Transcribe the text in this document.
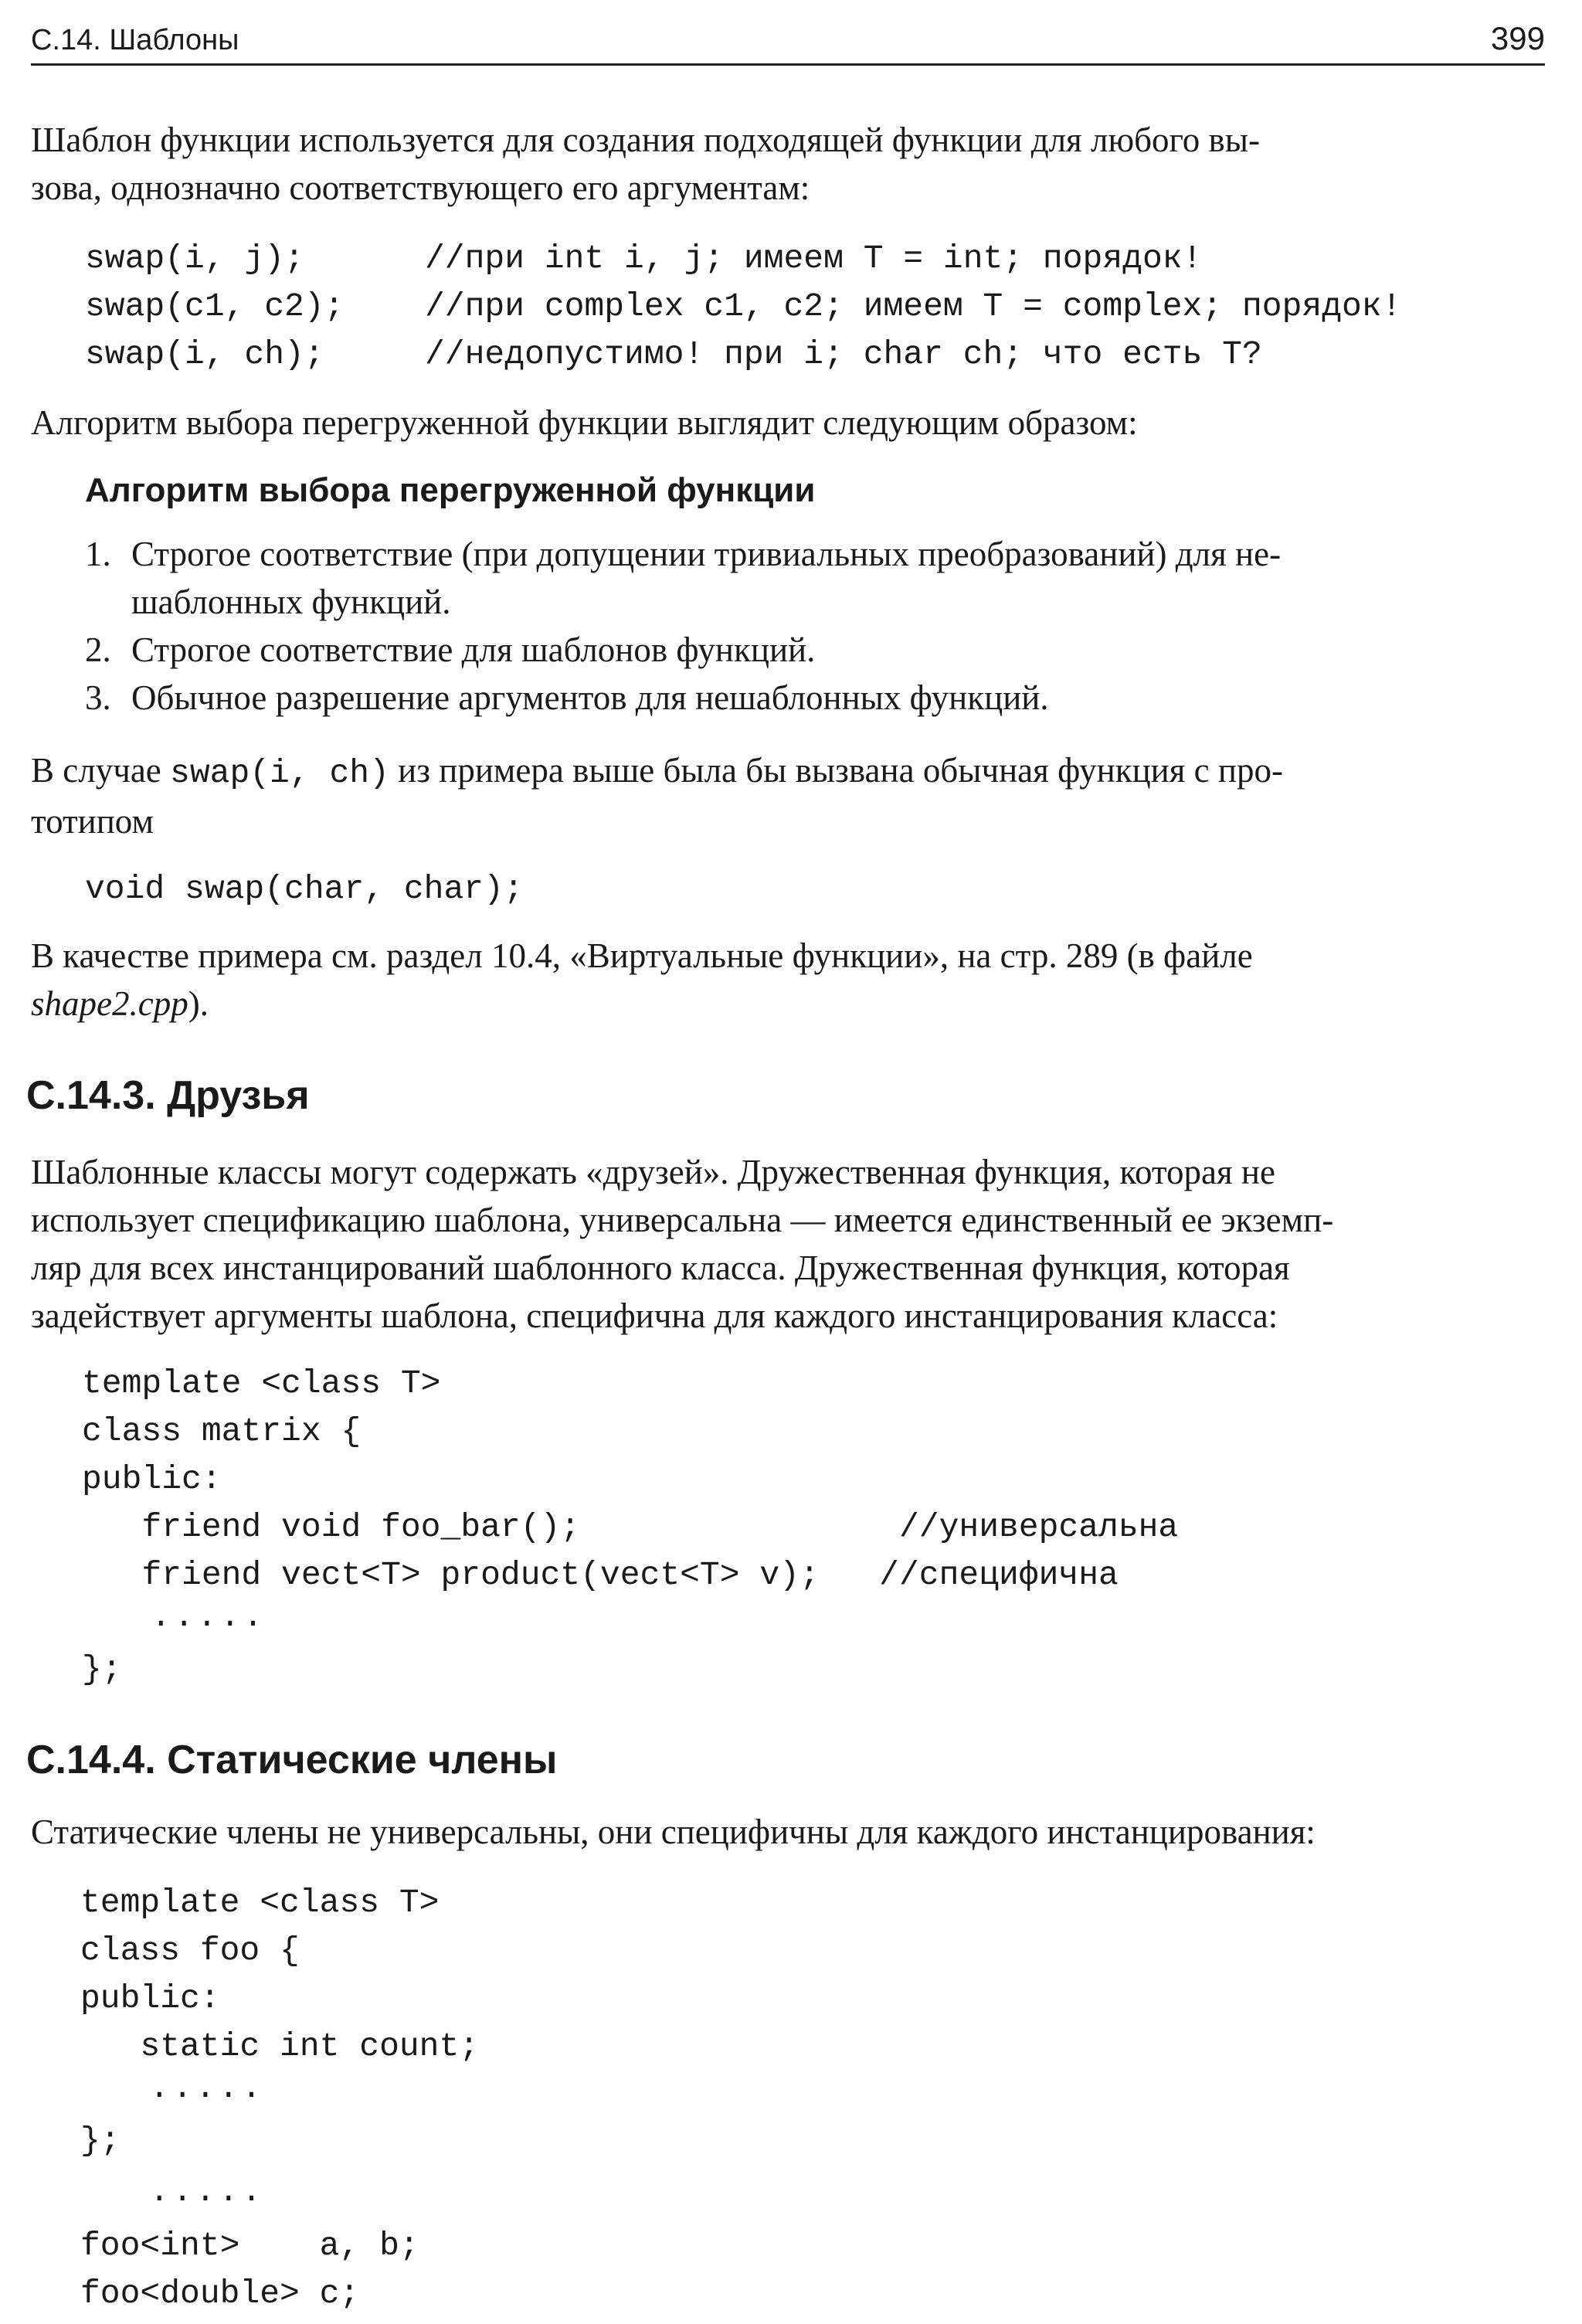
С.14. Шаблоны	399
Шаблон функции используется для создания подходящей функции для любого вы-
зова, однозначно соответствующего его аргументам:
swap(i, j);	//при int i, j; имеем T = int; порядок!
swap(c1, c2); //при complex c1, c2; имеем T = complex; порядок!
swap(i, ch);	//недопустимо! при i; char ch; что есть T?
Алгоритм выбора перегруженной функции выглядит следующим образом:
Алгоритм выбора перегруженной функции
1. Строгое соответствие (при допущении тривиальных преобразований) для не-
шаблонных функций.
2. Строгое соответствие для шаблонов функций.
3. Обычное разрешение аргументов для нешаблонных функций.
В случае swap(i, ch) из примера выше была бы вызвана обычная функция с про-
тотипом
void swap(char, char);
В качестве примера см. раздел 10.4, «Виртуальные функции», на стр. 289 (в файле
shape2.cpp).
С.14.3. Друзья
Шаблонные классы могут содержать «друзей». Дружественная функция, которая не
использует спецификацию шаблона, универсальна — имеется единственный ее экземп-
ляр для всех инстанцирований шаблонного класса. Дружественная функция, которая
задействует аргументы шаблона, специфична для каждого инстанцирования класса:
template <class T>
class matrix {
public:
friend void foo_bar();                //универсальна
friend vect<T> product(vect<T> v);   //специфична
.....
};
С.14.4. Статические члены
Статические члены не универсальны, они специфичны для каждого инстанцирования:
template <class T>
class foo {
public:
static int count;
.....
};
.....
foo<int>    a, b;
foo<double> c;
